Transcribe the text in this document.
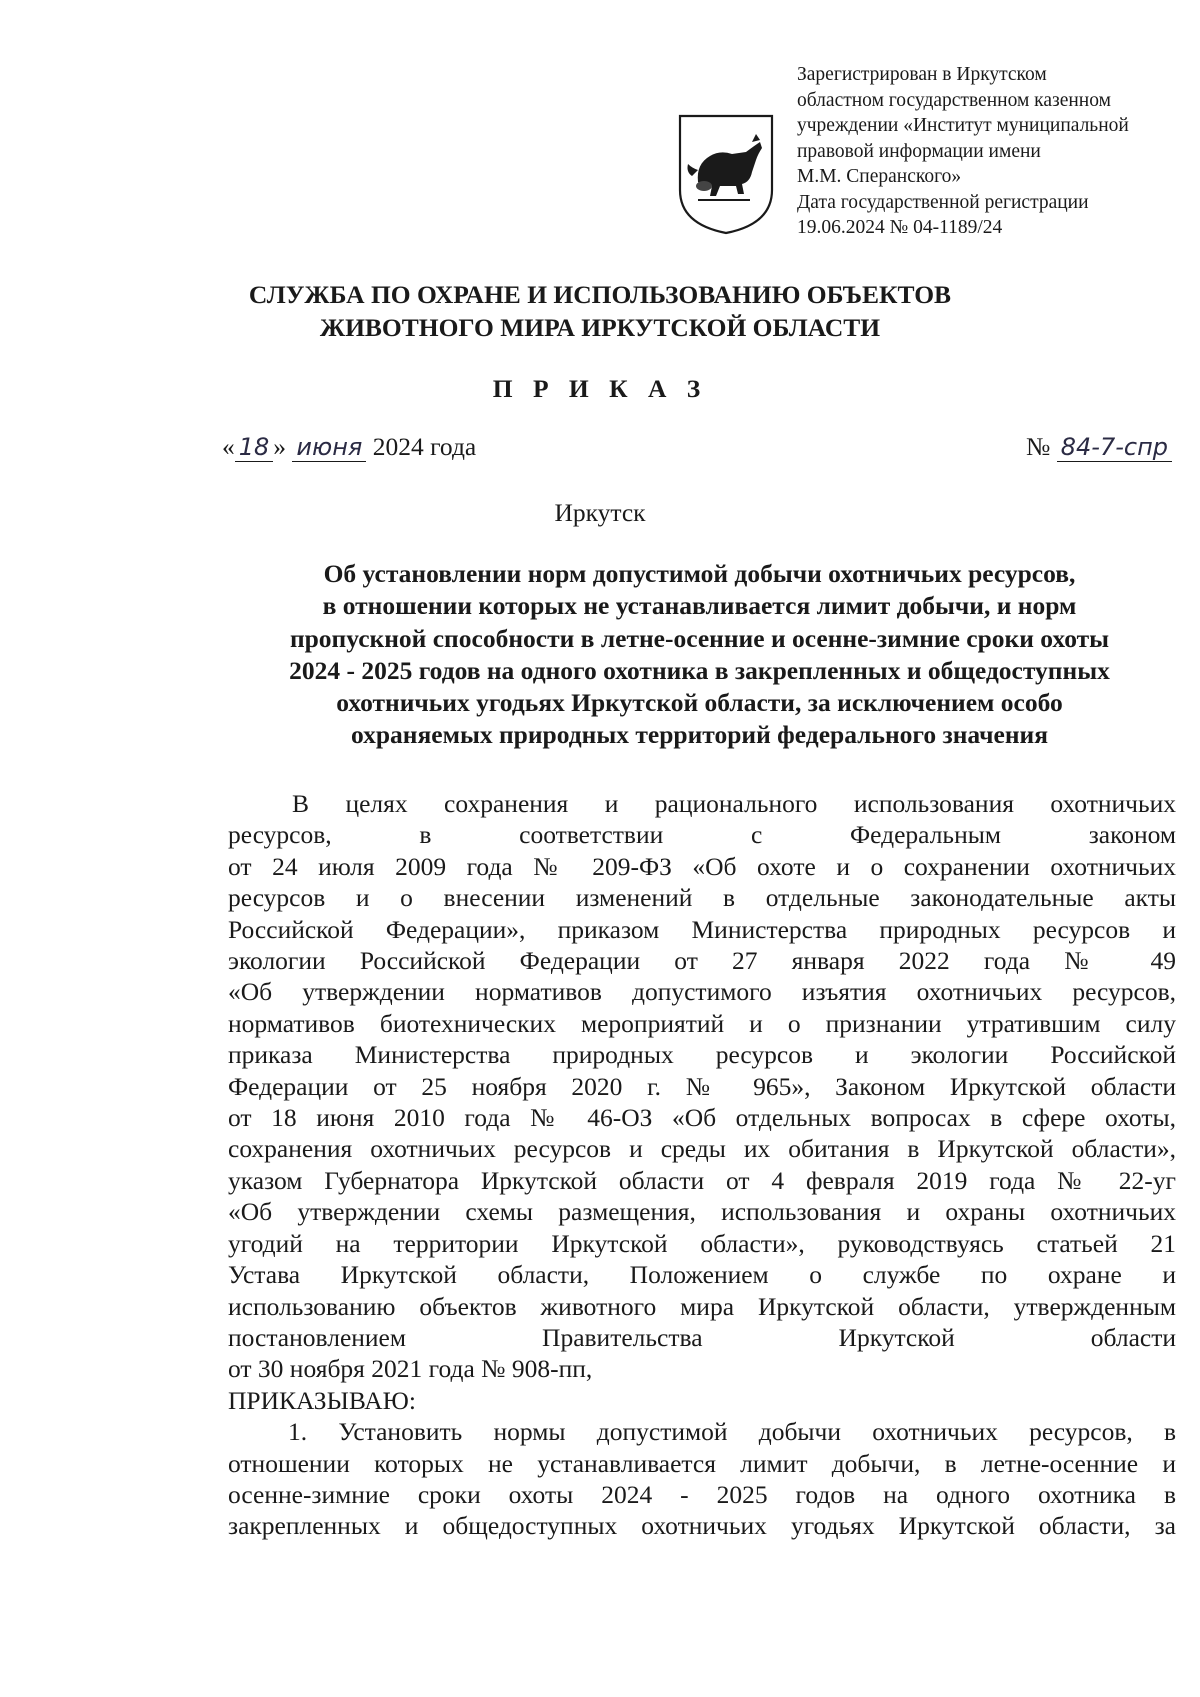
Зарегистрирован в Иркутском
областном государственном казенном
учреждении «Институт муниципальной
правовой информации имени
М.М. Сперанского»
Дата государственной регистрации
19.06.2024 № 04-1189/24
СЛУЖБА ПО ОХРАНЕ И ИСПОЛЬЗОВАНИЮ ОБЪЕКТОВ
ЖИВОТНОГО МИРА ИРКУТСКОЙ ОБЛАСТИ
П Р И К А З
« 18 » июня 2024 года	№ 84-7-спр
Иркутск
Об установлении норм допустимой добычи охотничьих ресурсов,
в отношении которых не устанавливается лимит добычи, и норм
пропускной способности в летне-осенние и осенне-зимние сроки охоты
2024 - 2025 годов на одного охотника в закрепленных и общедоступных
охотничьих угодьях Иркутской области, за исключением особо
охраняемых природных территорий федерального значения
В целях сохранения и рационального использования охотничьих
ресурсов, в соответствии с Федеральным законом
от 24 июля 2009 года № 209-ФЗ «Об охоте и о сохранении охотничьих
ресурсов и о внесении изменений в отдельные законодательные акты
Российской Федерации», приказом Министерства природных ресурсов и
экологии Российской Федерации от 27 января 2022 года № 49
«Об утверждении нормативов допустимого изъятия охотничьих ресурсов,
нормативов биотехнических мероприятий и о признании утратившим силу
приказа Министерства природных ресурсов и экологии Российской
Федерации от 25 ноября 2020 г. № 965», Законом Иркутской области
от 18 июня 2010 года № 46-ОЗ «Об отдельных вопросах в сфере охоты,
сохранения охотничьих ресурсов и среды их обитания в Иркутской области»,
указом Губернатора Иркутской области от 4 февраля 2019 года № 22-уг
«Об утверждении схемы размещения, использования и охраны охотничьих
угодий на территории Иркутской области», руководствуясь статьей 21
Устава Иркутской области, Положением о службе по охране и
использованию объектов животного мира Иркутской области, утвержденным
постановлением Правительства Иркутской области
от 30 ноября 2021 года № 908-пп,
ПРИКАЗЫВАЮ:
1. Установить нормы допустимой добычи охотничьих ресурсов, в
отношении которых не устанавливается лимит добычи, в летне-осенние и
осенне-зимние сроки охоты 2024 - 2025 годов на одного охотника в
закрепленных и общедоступных охотничьих угодьях Иркутской области, за
